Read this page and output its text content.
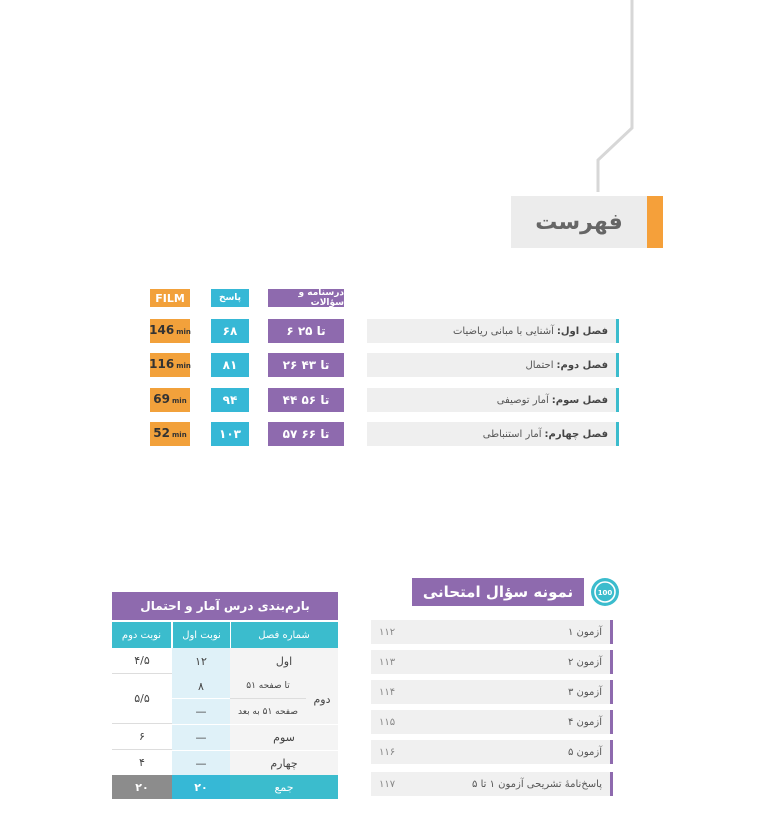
فهرست
FILM	پاسخ	درسنامه و سؤالات
فصل اول:
آشنایی با مبانی ریاضیات
۶ تا ۲۵
۶۸
146 min
فصل دوم:
احتمال
۲۶ تا ۴۳
۸۱
116 min
فصل سوم:
آمار توصیفی
۴۴ تا ۵۶
۹۴
69 min
فصل چهارم:
آمار استنباطی
۵۷ تا ۶۶
۱۰۳
52 min
100
نمونه سؤال امتحانی
آزمون ۱
۱۱۲
آزمون ۲
۱۱۳
آزمون ۳
۱۱۴
آزمون ۴
۱۱۵
آزمون ۵
۱۱۶
پاسخ‌نامهٔ تشریحی آزمون ۱ تا ۵
۱۱۷
بارم‌بندی درس آمار و احتمال
شماره فصل
نوبت اول
نوبت دوم
اول
۱۲
۴/۵
دوم
تا صفحه ۵۱
صفحه ۵۱ به بعد
۸
—
۵/۵
سوم
—
۶
چهارم
—
۴
جمع
۲۰
۲۰
